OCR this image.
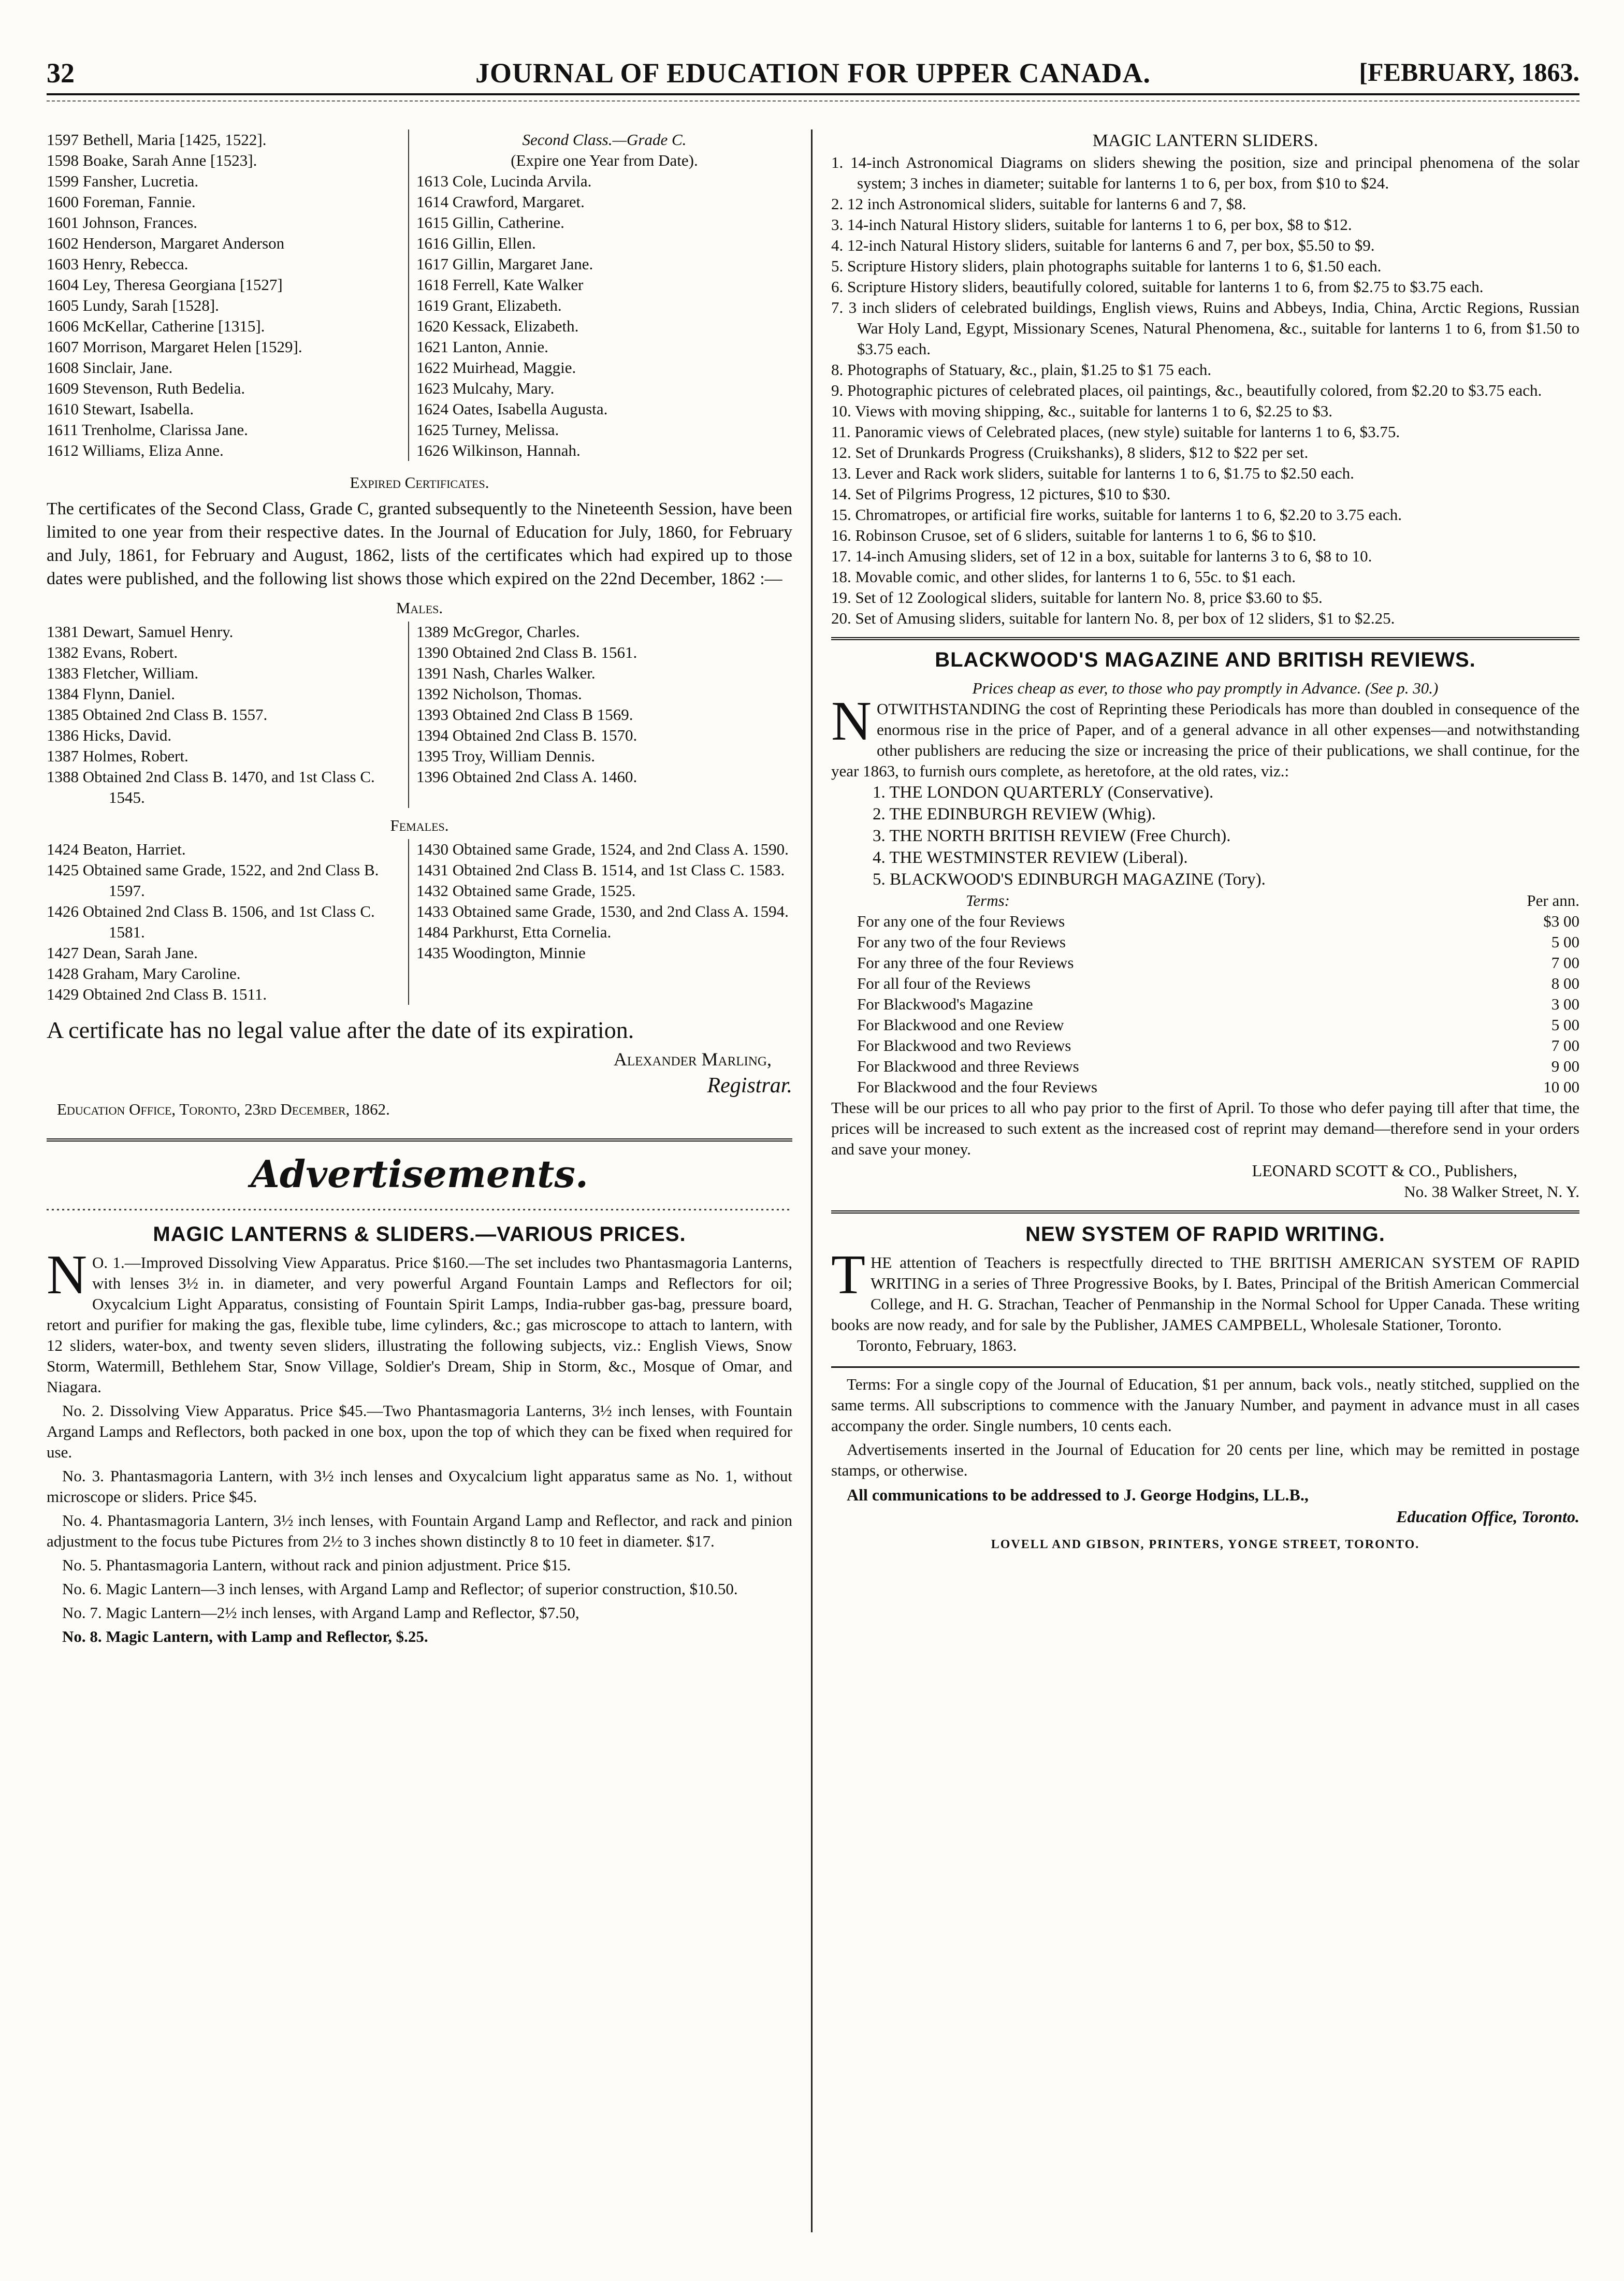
32	JOURNAL OF EDUCATION FOR UPPER CANADA.	[FEBRUARY, 1863.
1597 Bethell, Maria [1425, 1522].
1598 Boake, Sarah Anne [1523].
1599 Fansher, Lucretia.
1600 Foreman, Fannie.
1601 Johnson, Frances.
1602 Henderson, Margaret Anderson
1603 Henry, Rebecca.
1604 Ley, Theresa Georgiana [1527]
1605 Lundy, Sarah [1528].
1606 McKellar, Catherine [1315].
1607 Morrison, Margaret Helen [1529].
1608 Sinclair, Jane.
1609 Stevenson, Ruth Bedelia.
1610 Stewart, Isabella.
1611 Trenholme, Clarissa Jane.
1612 Williams, Eliza Anne.
Second Class.—Grade C.
(Expire one Year from Date).
1613 Cole, Lucinda Arvila.
1614 Crawford, Margaret.
1615 Gillin, Catherine.
1616 Gillin, Ellen.
1617 Gillin, Margaret Jane.
1618 Ferrell, Kate Walker
1619 Grant, Elizabeth.
1620 Kessack, Elizabeth.
1621 Lanton, Annie.
1622 Muirhead, Maggie.
1623 Mulcahy, Mary.
1624 Oates, Isabella Augusta.
1625 Turney, Melissa.
1626 Wilkinson, Hannah.
Expired Certificates.

The certificates of the Second Class, Grade C, granted subsequently to the Nineteenth Session, have been limited to one year from their respective dates. In the Journal of Education for July, 1860, for February and July, 1861, for February and August, 1862, lists of the certificates which had expired up to those dates were published, and the following list shows those which expired on the 22nd December, 1862 :—

Males.
1381 Dewart, Samuel Henry.
1382 Evans, Robert.
1383 Fletcher, William.
1384 Flynn, Daniel.
1385 Obtained 2nd Class B. 1557.
1386 Hicks, David.
1387 Holmes, Robert.
1388 Obtained 2nd Class B. 1470, and 1st Class C. 1545.
1389 McGregor, Charles.
1390 Obtained 2nd Class B. 1561.
1391 Nash, Charles Walker.
1392 Nicholson, Thomas.
1393 Obtained 2nd Class B 1569.
1394 Obtained 2nd Class B. 1570.
1395 Troy, William Dennis.
1396 Obtained 2nd Class A. 1460.
Females.
1424 Beaton, Harriet.
1425 Obtained same Grade, 1522, and 2nd Class B. 1597.
1426 Obtained 2nd Class B. 1506, and 1st Class C. 1581.
1427 Dean, Sarah Jane.
1428 Graham, Mary Caroline.
1429 Obtained 2nd Class B. 1511.
1430 Obtained same Grade, 1524, and 2nd Class A. 1590.
1431 Obtained 2nd Class B. 1514, and 1st Class C. 1583.
1432 Obtained same Grade, 1525.
1433 Obtained same Grade, 1530, and 2nd Class A. 1594.
1484 Parkhurst, Etta Cornelia.
1435 Woodington, Minnie

A certificate has no legal value after the date of its expiration.

Alexander Marling,
Registrar.
Education Office, Toronto, 23rd December, 1862.
Advertisements.
MAGIC LANTERNS & SLIDERS.—VARIOUS PRICES.

NO. 1.—Improved Dissolving View Apparatus. Price $160.—The set includes two Phantasmagoria Lanterns, with lenses 3½ in. in diameter, and very powerful Argand Fountain Lamps and Reflectors for oil; Oxycalcium Light Apparatus, consisting of Fountain Spirit Lamps, India-rubber gas-bag, pressure board, retort and purifier for making the gas, flexible tube, lime cylinders, &c.; gas microscope to attach to lantern, with 12 sliders, water-box, and twenty seven sliders, illustrating the following subjects, viz.: English Views, Snow Storm, Watermill, Bethlehem Star, Snow Village, Soldier's Dream, Ship in Storm, &c., Mosque of Omar, and Niagara.

No. 2. Dissolving View Apparatus. Price $45.—Two Phantasmagoria Lanterns, 3½ inch lenses, with Fountain Argand Lamps and Reflectors, both packed in one box, upon the top of which they can be fixed when required for use.

No. 3. Phantasmagoria Lantern, with 3½ inch lenses and Oxycalcium light apparatus same as No. 1, without microscope or sliders. Price $45.

No. 4. Phantasmagoria Lantern, 3½ inch lenses, with Fountain Argand Lamp and Reflector, and rack and pinion adjustment to the focus tube Pictures from 2½ to 3 inches shown distinctly 8 to 10 feet in diameter. $17.

No. 5. Phantasmagoria Lantern, without rack and pinion adjustment. Price $15.

No. 6. Magic Lantern—3 inch lenses, with Argand Lamp and Reflector; of superior construction, $10.50.

No. 7. Magic Lantern—2½ inch lenses, with Argand Lamp and Reflector, $7.50,

No. 8. Magic Lantern, with Lamp and Reflector, $.25.

MAGIC LANTERN SLIDERS.
1. 14-inch Astronomical Diagrams on sliders shewing the position, size and principal phenomena of the solar system; 3 inches in diameter; suitable for lanterns 1 to 6, per box, from $10 to $24.
2. 12 inch Astronomical sliders, suitable for lanterns 6 and 7, $8.
3. 14-inch Natural History sliders, suitable for lanterns 1 to 6, per box, $8 to $12.
4. 12-inch Natural History sliders, suitable for lanterns 6 and 7, per box, $5.50 to $9.
5. Scripture History sliders, plain photographs suitable for lanterns 1 to 6, $1.50 each.
6. Scripture History sliders, beautifully colored, suitable for lanterns 1 to 6, from $2.75 to $3.75 each.
7. 3 inch sliders of celebrated buildings, English views, Ruins and Abbeys, India, China, Arctic Regions, Russian War Holy Land, Egypt, Missionary Scenes, Natural Phenomena, &c., suitable for lanterns 1 to 6, from $1.50 to $3.75 each.
8. Photographs of Statuary, &c., plain, $1.25 to $1 75 each.
9. Photographic pictures of celebrated places, oil paintings, &c., beautifully colored, from $2.20 to $3.75 each.
10. Views with moving shipping, &c., suitable for lanterns 1 to 6, $2.25 to $3.
11. Panoramic views of Celebrated places, (new style) suitable for lanterns 1 to 6, $3.75.
12. Set of Drunkards Progress (Cruikshanks), 8 sliders, $12 to $22 per set.
13. Lever and Rack work sliders, suitable for lanterns 1 to 6, $1.75 to $2.50 each.
14. Set of Pilgrims Progress, 12 pictures, $10 to $30.
15. Chromatropes, or artificial fire works, suitable for lanterns 1 to 6, $2.20 to 3.75 each.
16. Robinson Crusoe, set of 6 sliders, suitable for lanterns 1 to 6, $6 to $10.
17. 14-inch Amusing sliders, set of 12 in a box, suitable for lanterns 3 to 6, $8 to 10.
18. Movable comic, and other slides, for lanterns 1 to 6, 55c. to $1 each.
19. Set of 12 Zoological sliders, suitable for lantern No. 8, price $3.60 to $5.
20. Set of Amusing sliders, suitable for lantern No. 8, per box of 12 sliders, $1 to $2.25.
BLACKWOOD'S MAGAZINE AND BRITISH REVIEWS.
Prices cheap as ever, to those who pay promptly in Advance. (See p. 30.)

NOTWITHSTANDING the cost of Reprinting these Periodicals has more than doubled in consequence of the enormous rise in the price of Paper, and of a general advance in all other expenses—and notwithstanding other publishers are reducing the size or increasing the price of their publications, we shall continue, for the year 1863, to furnish ours complete, as heretofore, at the old rates, viz.:

1. THE LONDON QUARTERLY (Conservative).
2. THE EDINBURGH REVIEW (Whig).
3. THE NORTH BRITISH REVIEW (Free Church).
4. THE WESTMINSTER REVIEW (Liberal).
5. BLACKWOOD'S EDINBURGH MAGAZINE (Tory).
Terms:	Per ann.
For any one of the four Reviews	$3 00
For any two of the four Reviews	5 00
For any three of the four Reviews	7 00
For all four of the Reviews	8 00
For Blackwood's Magazine	3 00
For Blackwood and one Review	5 00
For Blackwood and two Reviews	7 00
For Blackwood and three Reviews	9 00
For Blackwood and the four Reviews	10 00

These will be our prices to all who pay prior to the first of April. To those who defer paying till after that time, the prices will be increased to such extent as the increased cost of reprint may demand—therefore send in your orders and save your money.

LEONARD SCOTT & CO., Publishers,
No. 38 Walker Street, N. Y.
NEW SYSTEM OF RAPID WRITING.

THE attention of Teachers is respectfully directed to THE BRITISH AMERICAN SYSTEM OF RAPID WRITING in a series of Three Progressive Books, by I. Bates, Principal of the British American Commercial College, and H. G. Strachan, Teacher of Penmanship in the Normal School for Upper Canada. These writing books are now ready, and for sale by the Publisher, JAMES CAMPBELL, Wholesale Stationer, Toronto.

Toronto, February, 1863.

Terms: For a single copy of the Journal of Education, $1 per annum, back vols., neatly stitched, supplied on the same terms. All subscriptions to commence with the January Number, and payment in advance must in all cases accompany the order. Single numbers, 10 cents each.

Advertisements inserted in the Journal of Education for 20 cents per line, which may be remitted in postage stamps, or otherwise.

All communications to be addressed to J. George Hodgins, LL.B.,

Education Office, Toronto.
LOVELL AND GIBSON, PRINTERS, YONGE STREET, TORONTO.
